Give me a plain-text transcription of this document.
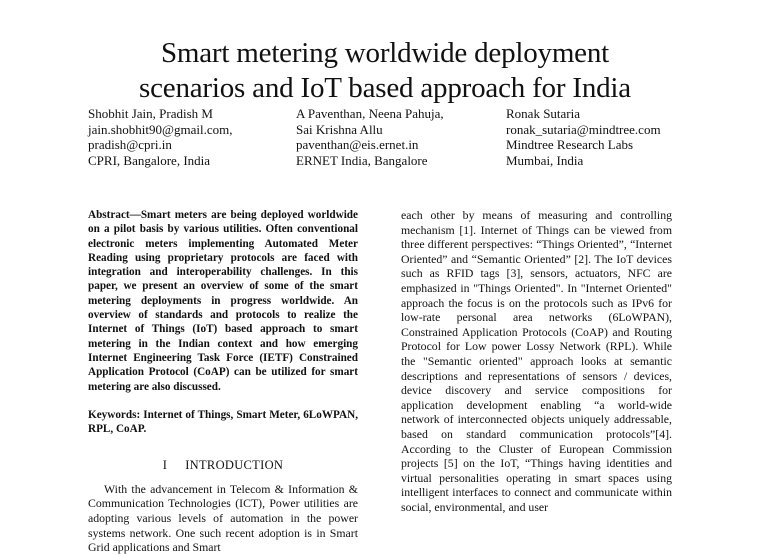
Smart metering worldwide deployment
scenarios and IoT based approach for India
Shobhit Jain, Pradish M
jain.shobhit90@gmail.com,
pradish@cpri.in
CPRI, Bangalore, India
A Paventhan, Neena Pahuja,
Sai Krishna Allu
paventhan@eis.ernet.in
ERNET India, Bangalore
Ronak Sutaria
ronak_sutaria@mindtree.com
Mindtree Research Labs
Mumbai, India
Abstract—Smart meters are being deployed worldwide on a pilot basis by various utilities. Often conventional electronic meters implementing Automated Meter Reading using proprietary protocols are faced with integration and interoperability challenges. In this paper, we present an overview of some of the smart metering deployments in progress worldwide. An overview of standards and protocols to realize the Internet of Things (IoT) based approach to smart metering in the Indian context and how emerging Internet Engineering Task Force (IETF) Constrained Application Protocol (CoAP) can be utilized for smart metering are also discussed.
Keywords: Internet of Things, Smart Meter, 6LoWPAN, RPL, CoAP.
I INTRODUCTION
With the advancement in Telecom & Information & Communication Technologies (ICT), Power utilities are adopting various levels of automation in the power systems network. One such recent adoption is in Smart Grid applications and Smart
each other by means of measuring and controlling mechanism [1]. Internet of Things can be viewed from three different perspectives: “Things Oriented”, “Internet Oriented” and “Semantic Oriented” [2]. The IoT devices such as RFID tags [3], sensors, actuators, NFC are emphasized in "Things Oriented". In "Internet Oriented" approach the focus is on the protocols such as IPv6 for low-rate personal area networks (6LoWPAN), Constrained Application Protocols (CoAP) and Routing Protocol for Low power Lossy Network (RPL). While the "Semantic oriented" approach looks at semantic descriptions and representations of sensors / devices, device discovery and service compositions for application development enabling “a world-wide network of interconnected objects uniquely addressable, based on standard communication protocols”[4]. According to the Cluster of European Commission projects [5] on the IoT, “Things having identities and virtual personalities operating in smart spaces using intelligent interfaces to connect and communicate within social, environmental, and user
